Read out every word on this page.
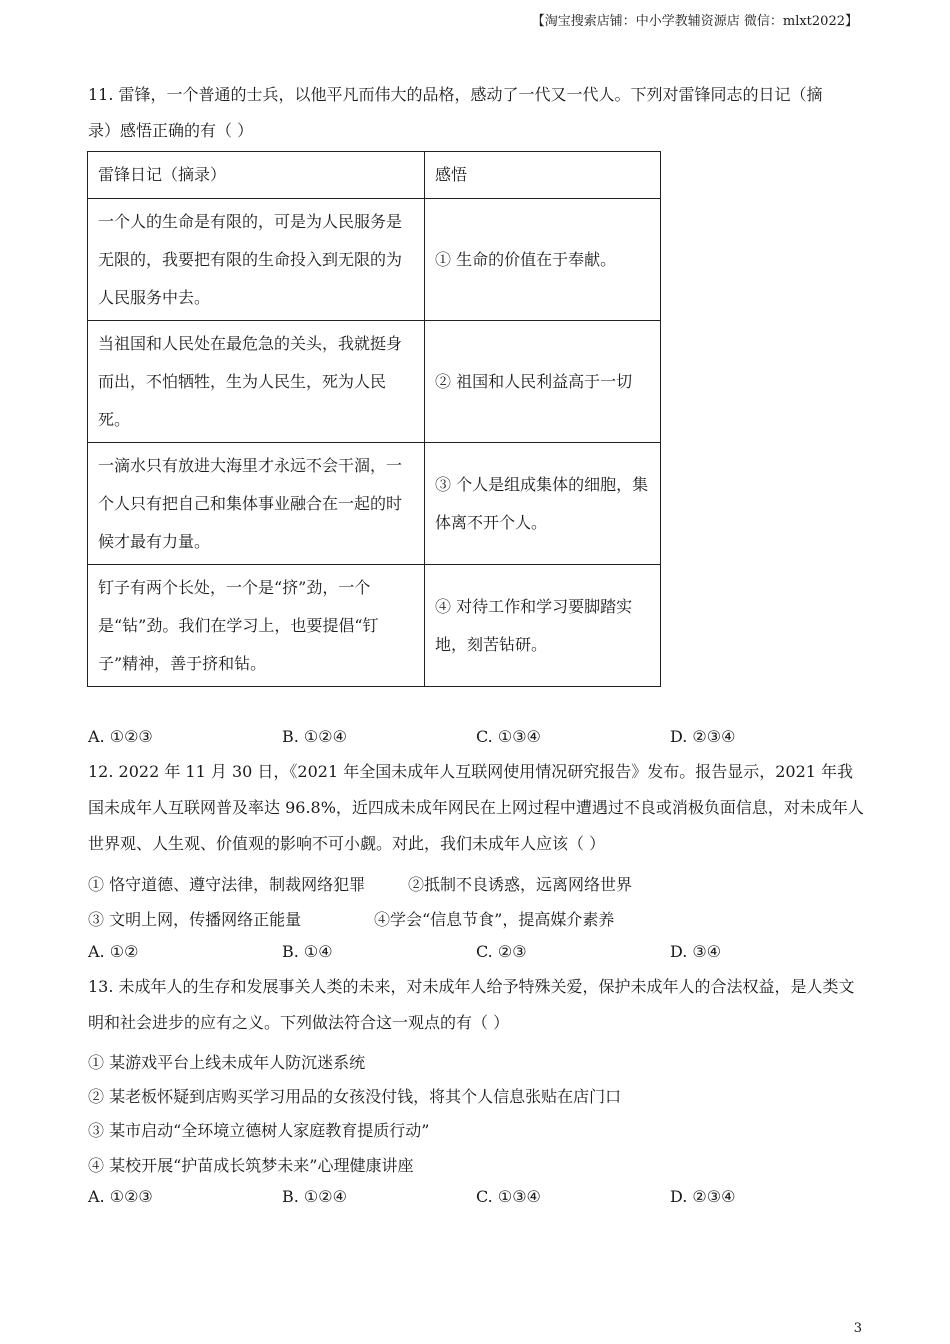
【淘宝搜索店铺：中小学教辅资源店 微信：mlxt2022】
11. 雷锋，一个普通的士兵，以他平凡而伟大的品格，感动了一代又一代人。下列对雷锋同志的日记（摘
录）感悟正确的有（ ）
雷锋日记（摘录）	感悟
一个人的生命是有限的，可是为人民服务是无限的，我要把有限的生命投入到无限的为人民服务中去。	① 生命的价值在于奉献。
当祖国和人民处在最危急的关头，我就挺身而出，不怕牺牲，生为人民生，死为人民死。	② 祖国和人民利益高于一切
一滴水只有放进大海里才永远不会干涸，一个人只有把自己和集体事业融合在一起的时候才最有力量。	③ 个人是组成集体的细胞，集体离不开个人。
钉子有两个长处，一个是“挤”劲，一个是“钻”劲。我们在学习上，也要提倡“钉子”精神，善于挤和钻。	④ 对待工作和学习要脚踏实地，刻苦钻研。
A. ①②③	B. ①②④	C. ①③④	D. ②③④
12. 2022 年 11 月 30 日，《2021 年全国未成年人互联网使用情况研究报告》发布。报告显示，2021 年我国未成年人互联网普及率达 96.8%，近四成未成年网民在上网过程中遭遇过不良或消极负面信息，对未成年人世界观、人生观、价值观的影响不可小觑。对此，我们未成年人应该（ ）
① 恪守道德、遵守法律，制裁网络犯罪	②抵制不良诱惑，远离网络世界
③ 文明上网，传播网络正能量	④学会“信息节食”，提高媒介素养
A. ①②	B. ①④	C. ②③	D. ③④
13. 未成年人的生存和发展事关人类的未来，对未成年人给予特殊关爱，保护未成年人的合法权益，是人类文明和社会进步的应有之义。下列做法符合这一观点的有（ ）
① 某游戏平台上线未成年人防沉迷系统
② 某老板怀疑到店购买学习用品的女孩没付钱，将其个人信息张贴在店门口
③ 某市启动“全环境立德树人家庭教育提质行动”
④ 某校开展“护苗成长筑梦未来”心理健康讲座
A. ①②③	B. ①②④	C. ①③④	D. ②③④
3
